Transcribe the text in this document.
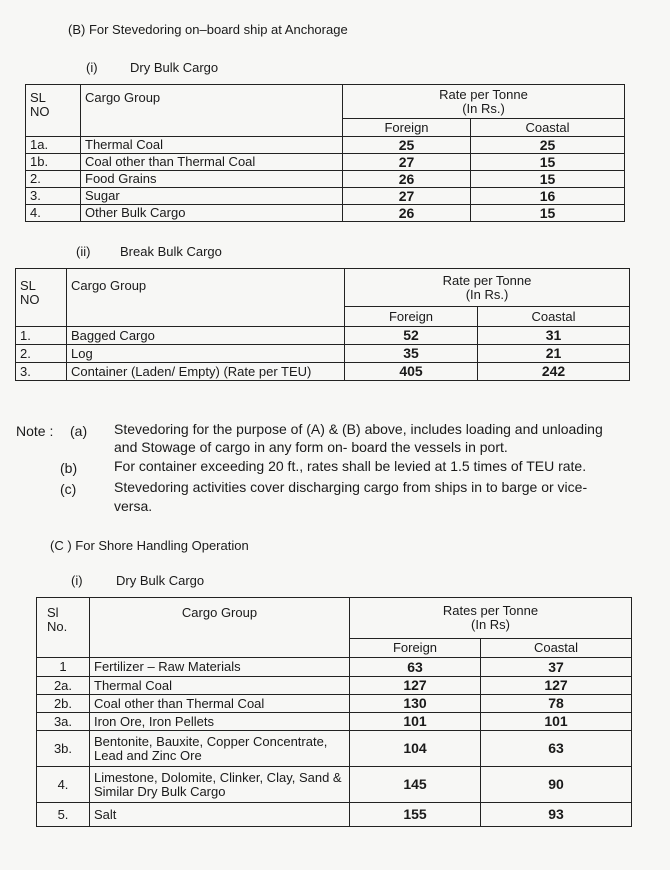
(B) For Stevedoring on–board ship at Anchorage
(i) Dry Bulk Cargo
SL
NO	Cargo Group	Rate per Tonne
(In Rs.)	
		Foreign	Coastal
1a.	Thermal Coal	25	25
1b.	Coal other than Thermal Coal	27	15
2.	Food Grains	26	15
3.	Sugar	27	16
4.	Other Bulk Cargo	26	15
(ii) Break Bulk Cargo
SL
NO	Cargo Group	Rate per Tonne
(In Rs.)	
		Foreign	Coastal
1.	Bagged Cargo	52	31
2.	Log	35	21
3.	Container (Laden/ Empty) (Rate per TEU)	405	242
Note : (a) Stevedoring for the purpose of (A) & (B) above, includes loading and unloading
and Stowage of cargo in any form on- board the vessels in port.
(b)	For container exceeding 20 ft., rates shall be levied at 1.5 times of TEU rate.
(c)	Stevedoring activities cover discharging cargo from ships in to barge or vice-
versa.
(C ) For Shore Handling Operation
(i)	Dry Bulk Cargo
Sl
No.	Cargo Group	Rates per Tonne
(In Rs)	
		Foreign	Coastal
1	Fertilizer – Raw Materials	63	37
2a.	Thermal Coal	127	127
2b.	Coal other than Thermal Coal	130	78
3a.	Iron Ore, Iron Pellets	101	101
3b.	Bentonite, Bauxite, Copper Concentrate,
Lead and Zinc Ore	104	63
4.	Limestone, Dolomite, Clinker, Clay, Sand &
Similar Dry Bulk Cargo	145	90
5.	Salt	155	93
